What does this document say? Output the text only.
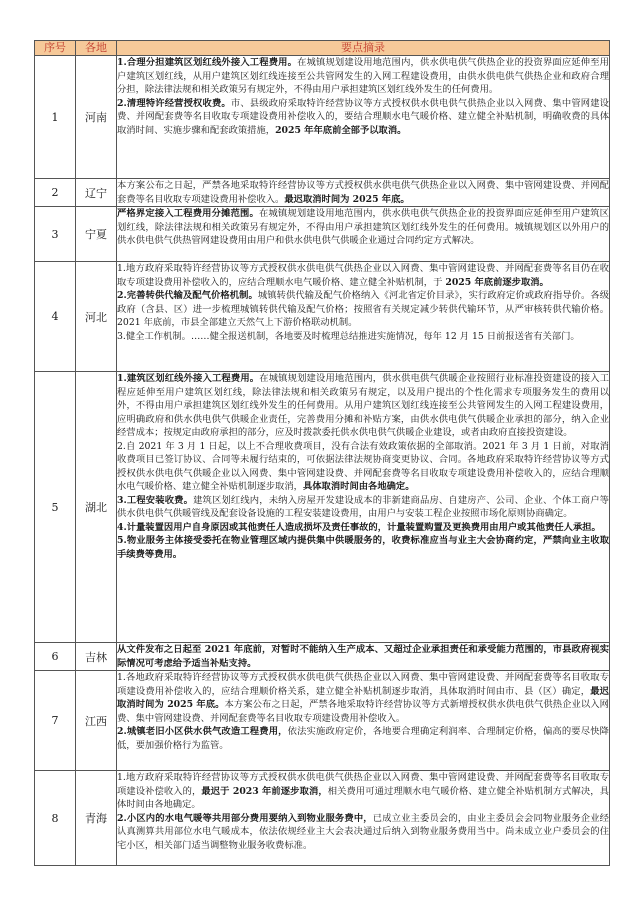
序号	各地	要点摘录
1	河南	1.合理分担建筑区划红线外接入工程费用。在城镇规划建设用地范围内，供水供电供气供热企业的投资界面应延伸至用户建筑区划红线，从用户建筑区划红线连接至公共管网发生的入网工程建设费用，由供水供电供气供热企业和政府合理分担，除法律法规和相关政策另有规定外，不得由用户承担建筑区划红线外发生的任何费用。

2.清理特许经营授权收费。市、县级政府采取特许经营协议等方式授权供水供电供气供热企业以入网费、集中管网建设费、并网配套费等名目收取专项建设费用补偿收入的，要结合理顺水电气暖价格、建立健全补贴机制，明确收费的具体取消时间、实施步骤和配套政策措施，2025 年年底前全部予以取消。

2	辽宁	本方案公布之日起，严禁各地采取特许经营协议等方式授权供水供电供气供热企业以入网费、集中管网建设费、并网配套费等名目收取专项建设费用补偿收入。最迟取消时间为 2025 年底。

3	宁夏	严格界定接入工程费用分摊范围。在城镇规划建设用地范围内，供水供电供气供热企业的投资界面应延伸至用户建筑区划红线，除法律法规和相关政策另有规定外，不得由用户承担建筑区划红线外发生的任何费用。城镇规划区以外用户的供水供电供气供热管网建设费用由用户和供水供电供气供暖企业通过合同约定方式解决。

4	河北	1.地方政府采取特许经营协议等方式授权供水供电供气供热企业以入网费、集中管网建设费、并网配套费等名目仍在收取专项建设费用补偿收入的，应结合理顺水电气暖价格、建立健全补贴机制，于 2025 年底前逐步取消。

2.完善转供代输及配气价格机制。城镇转供代输及配气价格纳入《河北省定价目录》，实行政府定价或政府指导价。各级政府（含县、区）进一步梳理城镇转供代输及配气价格；按照省有关规定减少转供代输环节，从严审核转供代输价格。2021 年底前，市县全部建立天然气上下游价格联动机制。

3.健全工作机制。……健全报送机制，各地要及时梳理总结推进实施情况，每年 12 月 15 日前报送省有关部门。

5	湖北	1.建筑区划红线外接入工程费用。在城镇规划建设用地范围内，供水供电供气供暖企业按照行业标准投资建设的接入工程应延伸至用户建筑区划红线，除法律法规和相关政策另有规定，以及用户提出的个性化需求专项服务发生的费用以外，不得由用户承担建筑区划红线外发生的任何费用。从用户建筑区划红线连接至公共管网发生的入网工程建设费用，应明确政府和供水供电供气供暖企业责任，完善费用分摊和补贴方案，由供水供电供气供暖企业承担的部分，纳入企业经营成本；按规定由政府承担的部分，应及时拨款委托供水供电供气供暖企业建设，或者由政府直接投资建设。

2.自 2021 年 3 月 1 日起，以上不合理收费项目，没有合法有效政策依据的全部取消。2021 年 3 月 1 日前，对取消收费项目已签订协议、合同等未履行结束的，可依据法律法规协商变更协议、合同。各地政府采取特许经营协议等方式授权供水供电供气供暖企业以入网费、集中管网建设费、并网配套费等名目收取专项建设费用补偿收入的，应结合理顺水电气暖价格、建立健全补贴机制逐步取消，具体取消时间由各地确定。

3.工程安装收费。建筑区划红线内，未纳入房屋开发建设成本的非新建商品房、自建房产、公司、企业、个体工商户等供水供电供气供暖管线及配套设备设施的工程安装建设费用，由用户与安装工程企业按照市场化原则协商确定。

4.计量装置因用户自身原因或其他责任人造成损坏及责任事故的，计量装置购置及更换费用由用户或其他责任人承担。

5.物业服务主体接受委托在物业管理区域内提供集中供暖服务的，收费标准应当与业主大会协商约定，严禁向业主收取手续费等费用。

6	吉林	从文件发布之日起至 2021 年底前，对暂时不能纳入生产成本、又超过企业承担责任和承受能力范围的，市县政府视实际情况可考虑给予适当补贴支持。

7	江西	1.各地政府采取特许经营协议等方式授权供水供电供气供热企业以入网费、集中管网建设费、并网配套费等名目收取专项建设费用补偿收入的，应结合理顺价格关系，建立健全补贴机制逐步取消，具体取消时间由市、县（区）确定，最迟取消时间为 2025 年底。本方案公布之日起，严禁各地采取特许经营协议等方式新增授权供水供电供气供热企业以入网费、集中管网建设费、并网配套费等名目收取专项建设费用补偿收入。

2.城镇老旧小区供水供气改造工程费用，依法实施政府定价，各地要合理确定利润率、合理制定价格，偏高的要尽快降低，要加强价格行为监管。

8	青海	1.地方政府采取特许经营协议等方式授权供水供电供气供热企业以入网费、集中管网建设费、并网配套费等名目收取专项建设补偿收入的，最迟于 2023 年前逐步取消，相关费用可通过理顺水电气暖价格、建立健全补贴机制方式解决，具体时间由各地确定。

2.小区内的水电气暖等共用部分费用要纳入到物业服务费中，已成立业主委员会的，由业主委员会会同物业服务企业经认真测算共用部位水电气暖成本，依法依规经业主大会表决通过后纳入到物业服务费用当中。尚未成立业户委员会的住宅小区，相关部门适当调整物业服务收费标准。
